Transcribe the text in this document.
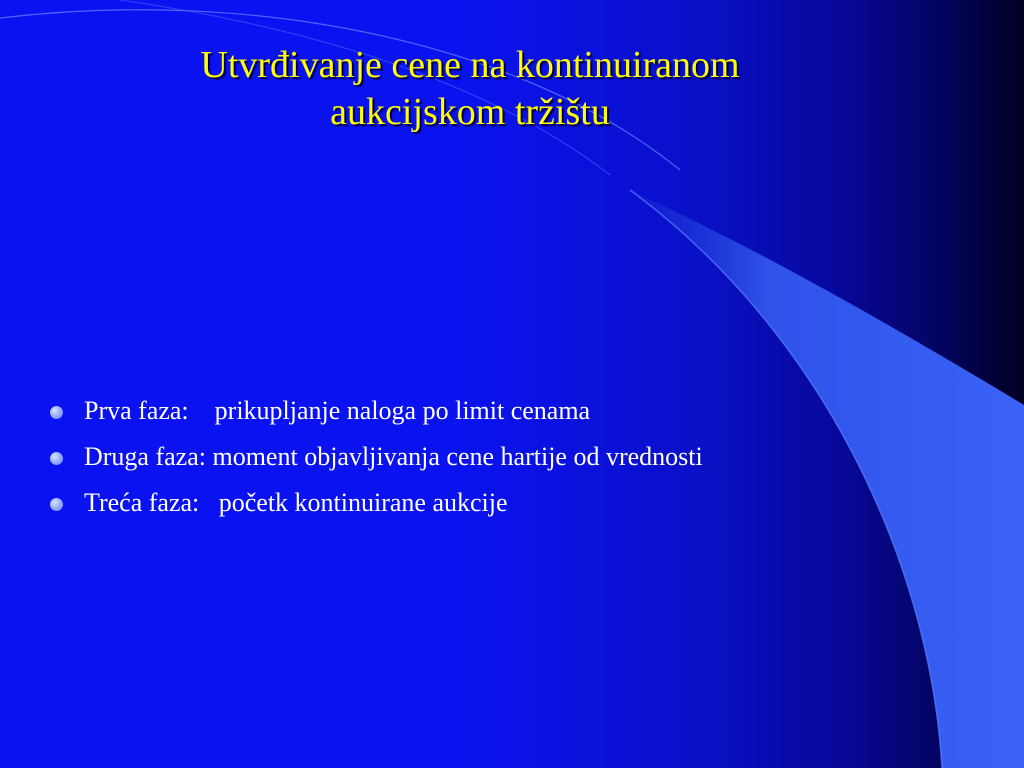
Utvrđivanje cene na kontinuiranom
aukcijskom tržištu
Prva faza:    prikupljanje naloga po limit cenama
Druga faza: moment objavljivanja cene hartije od vrednosti
Treća faza:   početk kontinuirane aukcije
